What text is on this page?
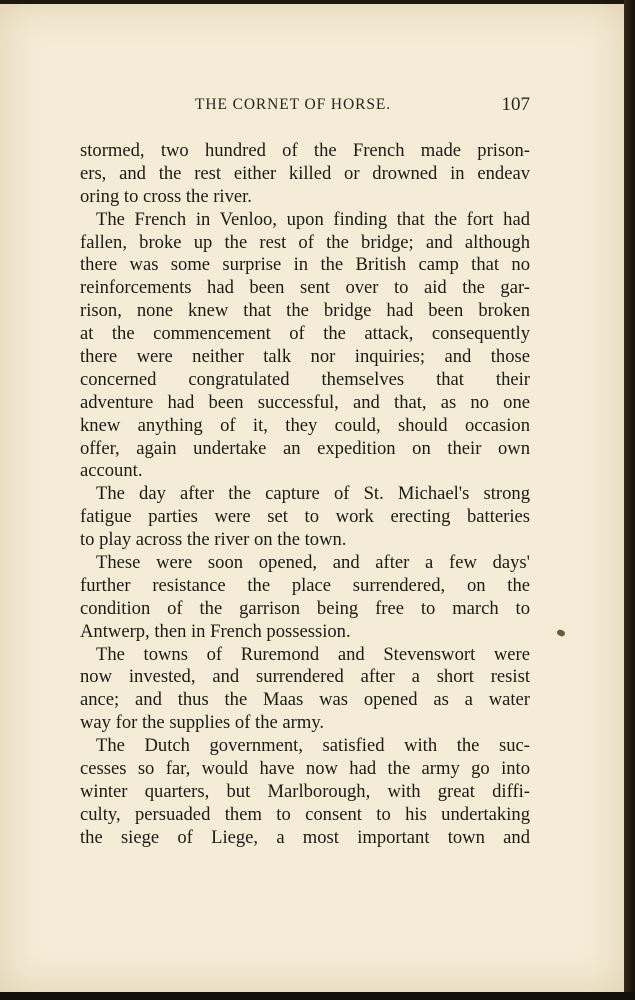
THE CORNET OF HORSE.	107
stormed, two hundred of the French made prison-
ers, and the rest either killed or drowned in endeav
oring to cross the river.
The French in Venloo, upon finding that the fort had
fallen, broke up the rest of the bridge; and although
there was some surprise in the British camp that no
reinforcements had been sent over to aid the gar-
rison, none knew that the bridge had been broken
at the commencement of the attack, consequently
there were neither talk nor inquiries; and those
concerned congratulated themselves that their
adventure had been successful, and that, as no one
knew anything of it, they could, should occasion
offer, again undertake an expedition on their own
account.
The day after the capture of St. Michael's strong
fatigue parties were set to work erecting batteries
to play across the river on the town.
These were soon opened, and after a few days'
further resistance the place surrendered, on the
condition of the garrison being free to march to
Antwerp, then in French possession.
The towns of Ruremond and Stevenswort were
now invested, and surrendered after a short resist
ance; and thus the Maas was opened as a water
way for the supplies of the army.
The Dutch government, satisfied with the suc-
cesses so far, would have now had the army go into
winter quarters, but Marlborough, with great diffi-
culty, persuaded them to consent to his undertaking
the siege of Liege, a most important town and
